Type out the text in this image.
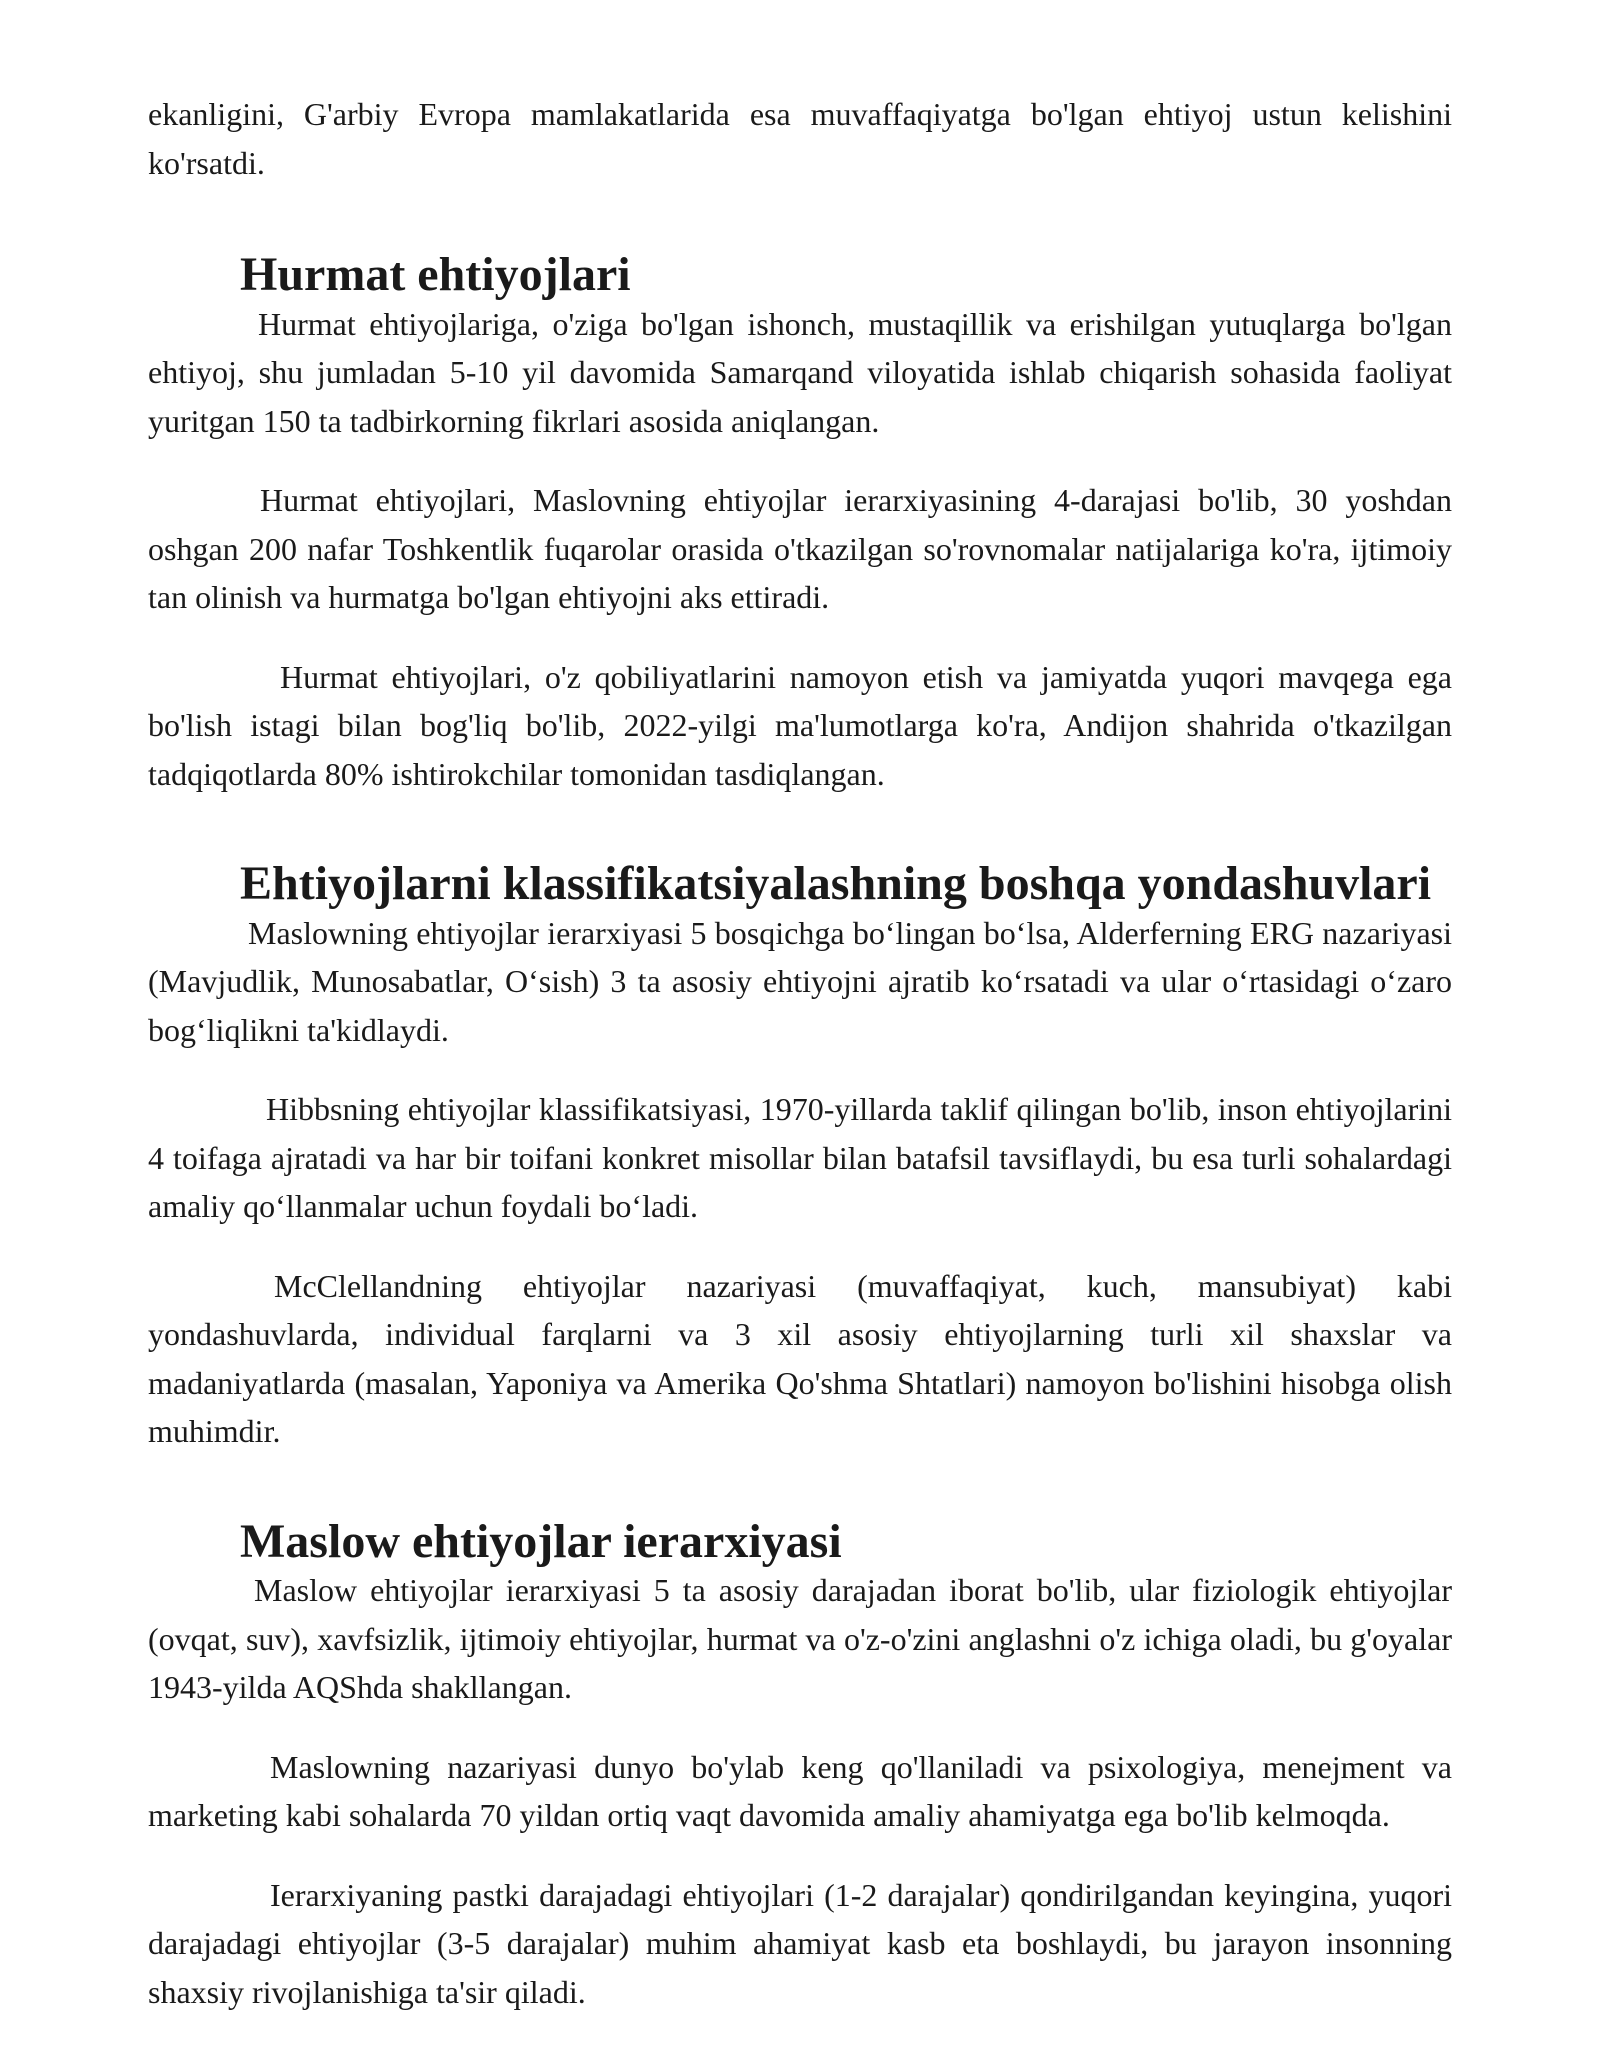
ekanligini, G'arbiy Evropa mamlakatlarida esa muvaffaqiyatga bo'lgan ehtiyoj ustun kelishini ko'rsatdi.

Hurmat ehtiyojlari

Hurmat ehtiyojlariga, o'ziga bo'lgan ishonch, mustaqillik va erishilgan yutuqlarga bo'lgan ehtiyoj, shu jumladan 5-10 yil davomida Samarqand viloyatida ishlab chiqarish sohasida faoliyat yuritgan 150 ta tadbirkorning fikrlari asosida aniqlangan.

Hurmat ehtiyojlari, Maslovning ehtiyojlar ierarxiyasining 4-darajasi bo'lib, 30 yoshdan oshgan 200 nafar Toshkentlik fuqarolar orasida o'tkazilgan so'rovnomalar natijalariga ko'ra, ijtimoiy tan olinish va hurmatga bo'lgan ehtiyojni aks ettiradi.

Hurmat ehtiyojlari, o'z qobiliyatlarini namoyon etish va jamiyatda yuqori mavqega ega bo'lish istagi bilan bog'liq bo'lib, 2022-yilgi ma'lumotlarga ko'ra, Andijon shahrida o'tkazilgan tadqiqotlarda 80% ishtirokchilar tomonidan tasdiqlangan.

Ehtiyojlarni klassifikatsiyalashning boshqa yondashuvlari

Maslowning ehtiyojlar ierarxiyasi 5 bosqichga bo‘lingan bo‘lsa, Alderferning ERG nazariyasi (Mavjudlik, Munosabatlar, O‘sish) 3 ta asosiy ehtiyojni ajratib ko‘rsatadi va ular o‘rtasidagi o‘zaro bog‘liqlikni ta'kidlaydi.

Hibbsning ehtiyojlar klassifikatsiyasi, 1970-yillarda taklif qilingan bo'lib, inson ehtiyojlarini 4 toifaga ajratadi va har bir toifani konkret misollar bilan batafsil tavsiflaydi, bu esa turli sohalardagi amaliy qo‘llanmalar uchun foydali bo‘ladi.

McClellandning ehtiyojlar nazariyasi (muvaffaqiyat, kuch, mansubiyat) kabi yondashuvlarda, individual farqlarni va 3 xil asosiy ehtiyojlarning turli xil shaxslar va madaniyatlarda (masalan, Yaponiya va Amerika Qo'shma Shtatlari) namoyon bo'lishini hisobga olish muhimdir.

Maslow ehtiyojlar ierarxiyasi

Maslow ehtiyojlar ierarxiyasi 5 ta asosiy darajadan iborat bo'lib, ular fiziologik ehtiyojlar (ovqat, suv), xavfsizlik, ijtimoiy ehtiyojlar, hurmat va o'z-o'zini anglashni o'z ichiga oladi, bu g'oyalar 1943-yilda AQShda shakllangan.

Maslowning nazariyasi dunyo bo'ylab keng qo'llaniladi va psixologiya, menejment va marketing kabi sohalarda 70 yildan ortiq vaqt davomida amaliy ahamiyatga ega bo'lib kelmoqda.

Ierarxiyaning pastki darajadagi ehtiyojlari (1-2 darajalar) qondirilgandan keyingina, yuqori darajadagi ehtiyojlar (3-5 darajalar) muhim ahamiyat kasb eta boshlaydi, bu jarayon insonning shaxsiy rivojlanishiga ta'sir qiladi.
